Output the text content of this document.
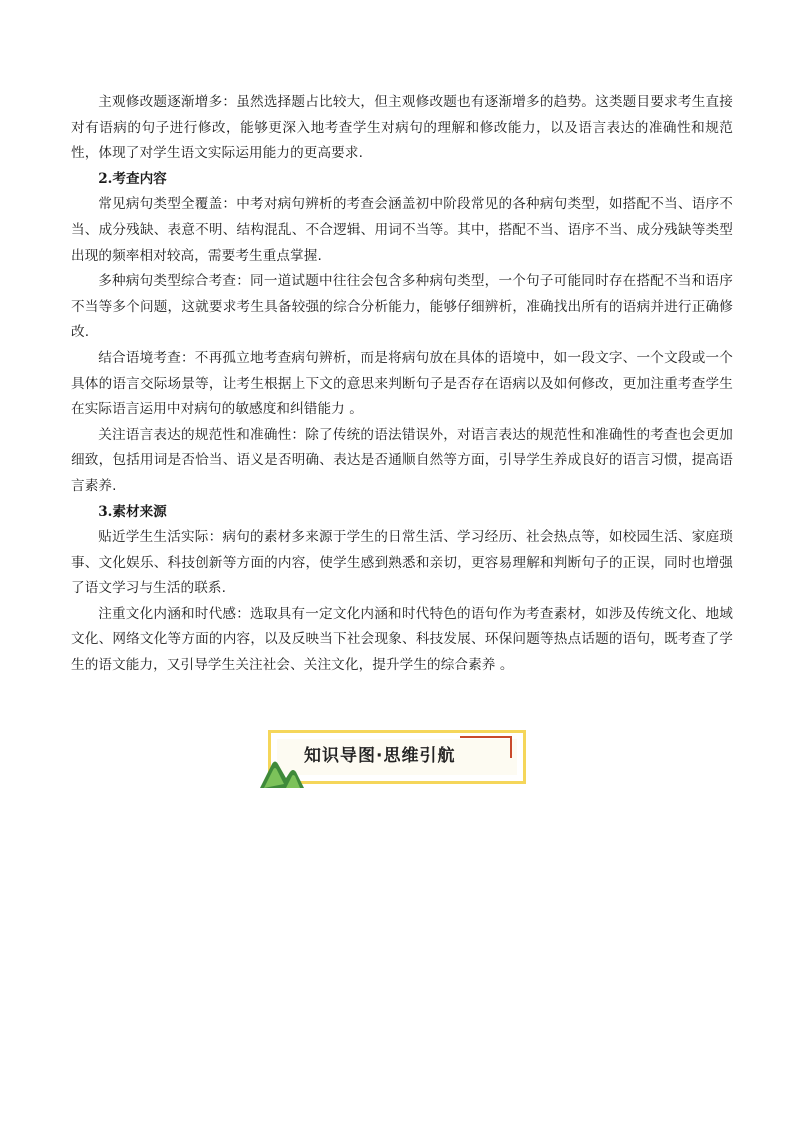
主观修改题逐渐增多：虽然选择题占比较大，但主观修改题也有逐渐增多的趋势。这类题目要求考生直接对有语病的句子进行修改，能够更深入地考查学生对病句的理解和修改能力，以及语言表达的准确性和规范性，体现了对学生语文实际运用能力的更高要求.

2.考查内容

常见病句类型全覆盖：中考对病句辨析的考查会涵盖初中阶段常见的各种病句类型，如搭配不当、语序不当、成分残缺、表意不明、结构混乱、不合逻辑、用词不当等。其中，搭配不当、语序不当、成分残缺等类型出现的频率相对较高，需要考生重点掌握.

多种病句类型综合考查：同一道试题中往往会包含多种病句类型，一个句子可能同时存在搭配不当和语序不当等多个问题，这就要求考生具备较强的综合分析能力，能够仔细辨析，准确找出所有的语病并进行正确修改.

结合语境考查：不再孤立地考查病句辨析，而是将病句放在具体的语境中，如一段文字、一个文段或一个具体的语言交际场景等，让考生根据上下文的意思来判断句子是否存在语病以及如何修改，更加注重考查学生在实际语言运用中对病句的敏感度和纠错能力 。

关注语言表达的规范性和准确性：除了传统的语法错误外，对语言表达的规范性和准确性的考查也会更加细致，包括用词是否恰当、语义是否明确、表达是否通顺自然等方面，引导学生养成良好的语言习惯，提高语言素养.

3.素材来源

贴近学生生活实际：病句的素材多来源于学生的日常生活、学习经历、社会热点等，如校园生活、家庭琐事、文化娱乐、科技创新等方面的内容，使学生感到熟悉和亲切，更容易理解和判断句子的正误，同时也增强了语文学习与生活的联系.

注重文化内涵和时代感：选取具有一定文化内涵和时代特色的语句作为考查素材，如涉及传统文化、地域文化、网络文化等方面的内容，以及反映当下社会现象、科技发展、环保问题等热点话题的语句，既考查了学生的语文能力，又引导学生关注社会、关注文化，提升学生的综合素养 。

知识导图·思维引航
